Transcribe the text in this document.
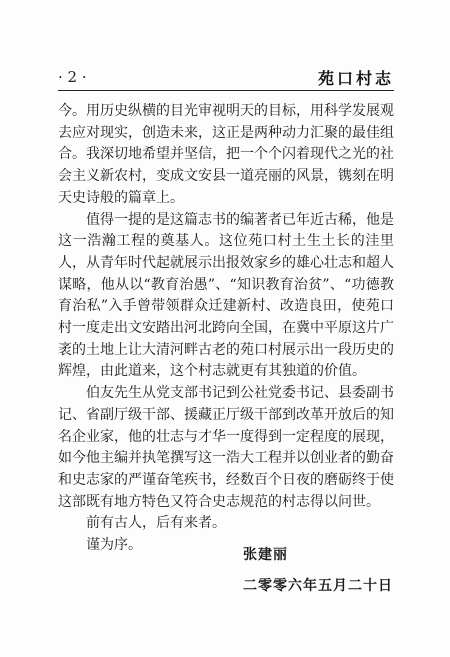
· 2 ·	苑口村志

今。用历史纵横的目光审视明天的目标，用科学发展观去应对现实，创造未来，这正是两种动力汇聚的最佳组合。我深切地希望并坚信，把一个个闪着现代之光的社会主义新农村，变成文安县一道亮丽的风景，镌刻在明天史诗般的篇章上。

值得一提的是这篇志书的编著者已年近古稀，他是这一浩瀚工程的奠基人。这位苑口村土生土长的洼里人，从青年时代起就展示出报效家乡的雄心壮志和超人谋略，他从以“教育治愚”、“知识教育治贫”、“功德教育治私”入手曾带领群众迁建新村、改造良田，使苑口村一度走出文安踏出河北跨向全国，在冀中平原这片广袤的土地上让大清河畔古老的苑口村展示出一段历史的辉煌，由此道来，这个村志就更有其独道的价值。

伯友先生从党支部书记到公社党委书记、县委副书记、省副厅级干部、援藏正厅级干部到改革开放后的知名企业家，他的壮志与才华一度得到一定程度的展现，如今他主编并执笔撰写这一浩大工程并以创业者的勤奋和史志家的严谨奋笔疾书，经数百个日夜的磨砺终于使这部既有地方特色又符合史志规范的村志得以问世。

前有古人，后有来者。

谨为序。

张建丽
二零零六年五月二十日
